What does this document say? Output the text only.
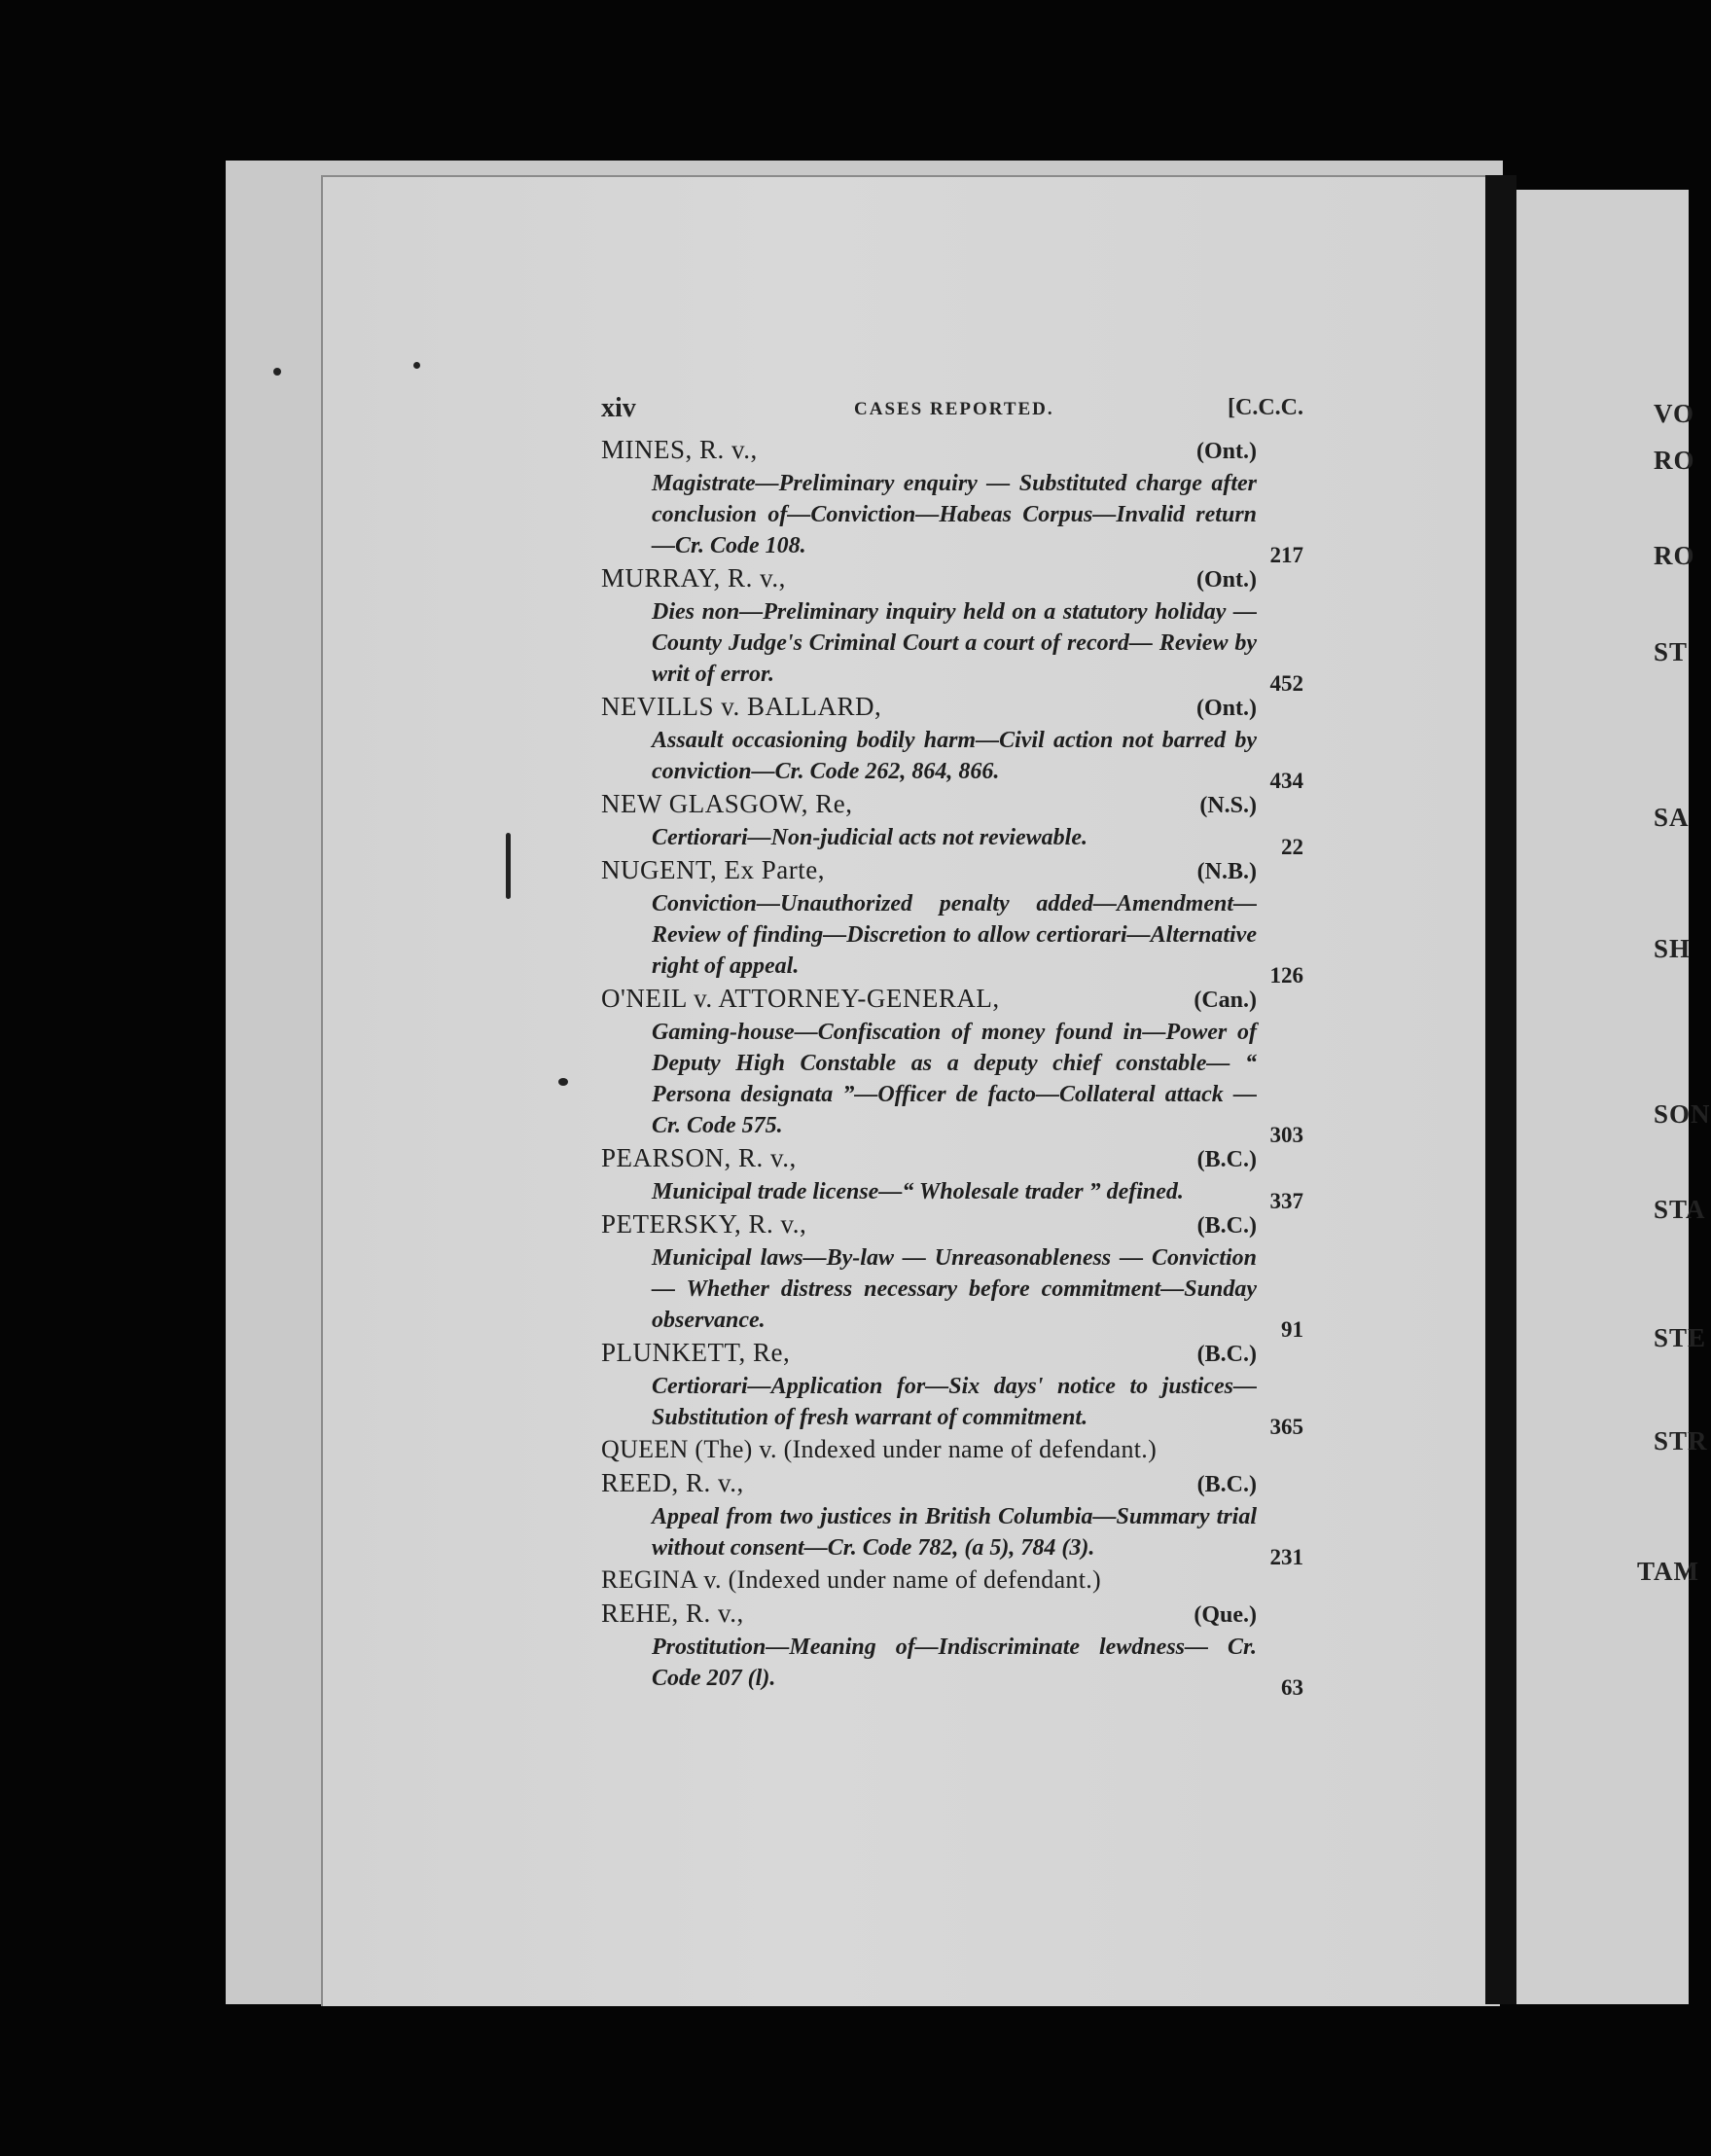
VO
RO
RO
ST
SA
SH
SON
STA
STE
STR
TAM
xiv	CASES REPORTED.	[C.C.C.
MINES, R. v.,	(Ont.)
Magistrate—Preliminary enquiry — Substituted charge after conclusion of—Conviction—Habeas Corpus—Invalid return—Cr. Code 108.	217
MURRAY, R. v.,	(Ont.)
Dies non—Preliminary inquiry held on a statutory holiday —County Judge's Criminal Court a court of record— Review by writ of error.	452
NEVILLS v. BALLARD,	(Ont.)
Assault occasioning bodily harm—Civil action not barred by conviction—Cr. Code 262, 864, 866.	434
NEW GLASGOW, Re,	(N.S.)
Certiorari—Non-judicial acts not reviewable.	22
NUGENT, Ex Parte,	(N.B.)
Conviction—Unauthorized penalty added—Amendment— Review of finding—Discretion to allow certiorari—Alternative right of appeal.	126
O'NEIL v. ATTORNEY-GENERAL,	(Can.)
Gaming-house—Confiscation of money found in—Power of Deputy High Constable as a deputy chief constable— “ Persona designata ”—Officer de facto—Collateral attack —Cr. Code 575.	303
PEARSON, R. v.,	(B.C.)
Municipal trade license—“ Wholesale trader ” defined.	337
PETERSKY, R. v.,	(B.C.)
Municipal laws—By-law — Unreasonableness — Conviction— Whether distress necessary before commitment—Sunday observance.	91
PLUNKETT, Re,	(B.C.)
Certiorari—Application for—Six days' notice to justices— Substitution of fresh warrant of commitment.	365
QUEEN (The) v. (Indexed under name of defendant.)
REED, R. v.,	(B.C.)
Appeal from two justices in British Columbia—Summary trial without consent—Cr. Code 782, (a 5), 784 (3).	231
REGINA v. (Indexed under name of defendant.)
REHE, R. v.,	(Que.)
Prostitution—Meaning of—Indiscriminate lewdness— Cr. Code 207 (l).	63
